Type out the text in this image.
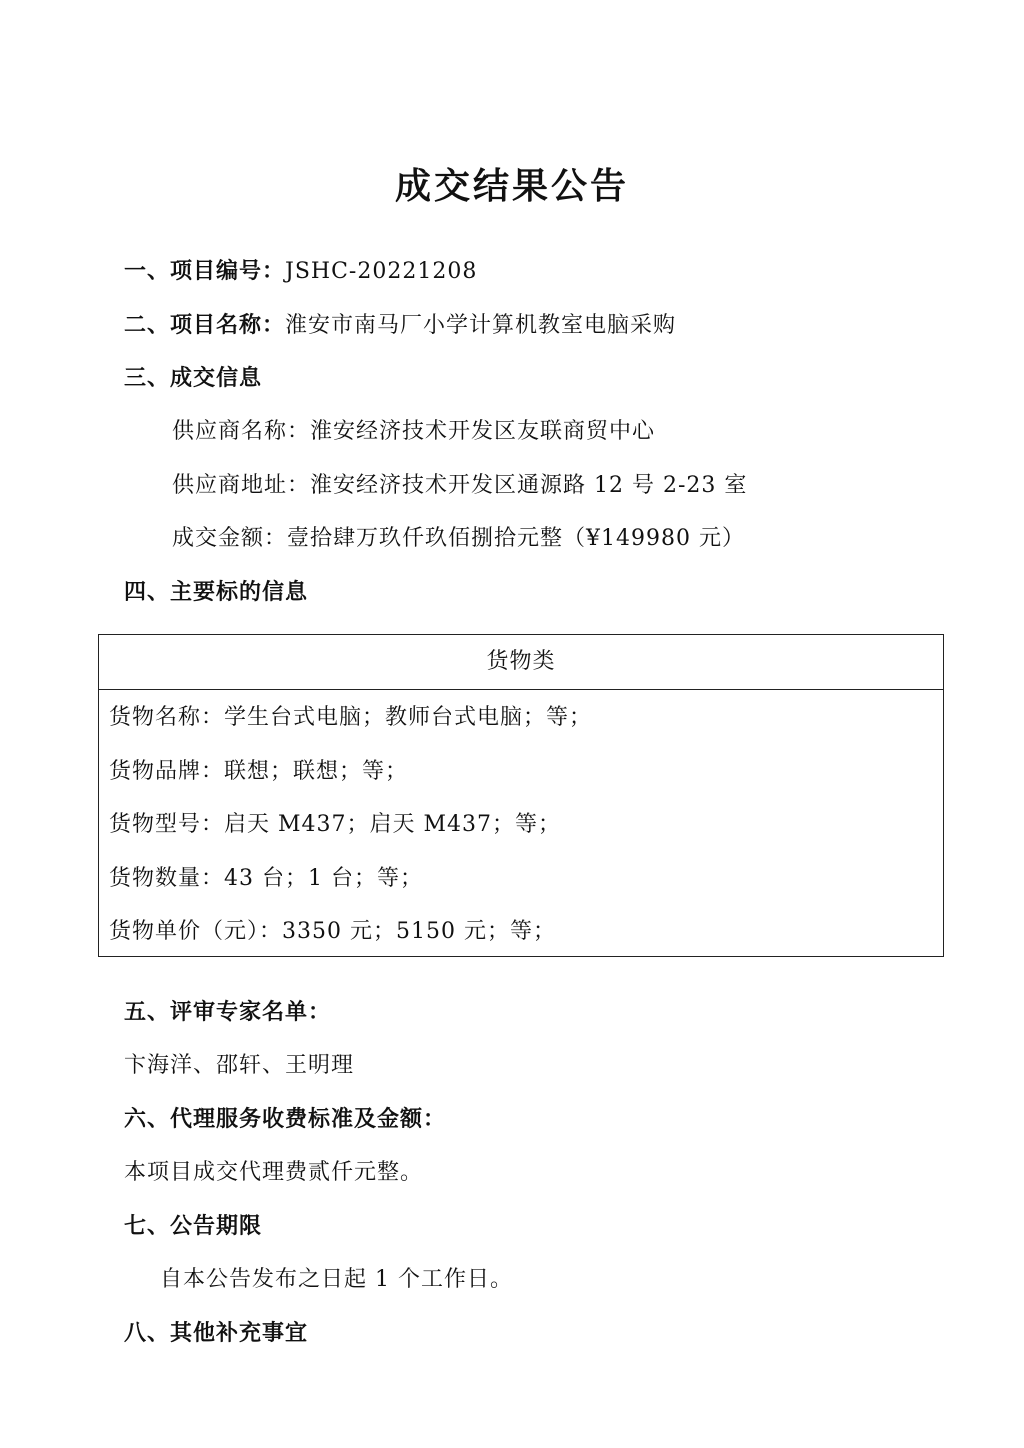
成交结果公告
一、项目编号：JSHC-20221208
二、项目名称：淮安市南马厂小学计算机教室电脑采购
三、成交信息
供应商名称：淮安经济技术开发区友联商贸中心
供应商地址：淮安经济技术开发区通源路 12 号 2-23 室
成交金额：壹拾肆万玖仟玖佰捌拾元整（¥149980 元）
四、主要标的信息
货物类
货物名称：学生台式电脑；教师台式电脑；等；
货物品牌：联想；联想；等；
货物型号：启天 M437；启天 M437；等；
货物数量：43 台；1 台；等；
货物单价（元）：3350 元；5150 元；等；
五、评审专家名单：
卞海洋、邵轩、王明理
六、代理服务收费标准及金额：
本项目成交代理费贰仟元整。
七、公告期限
自本公告发布之日起 1 个工作日。
八、其他补充事宜
